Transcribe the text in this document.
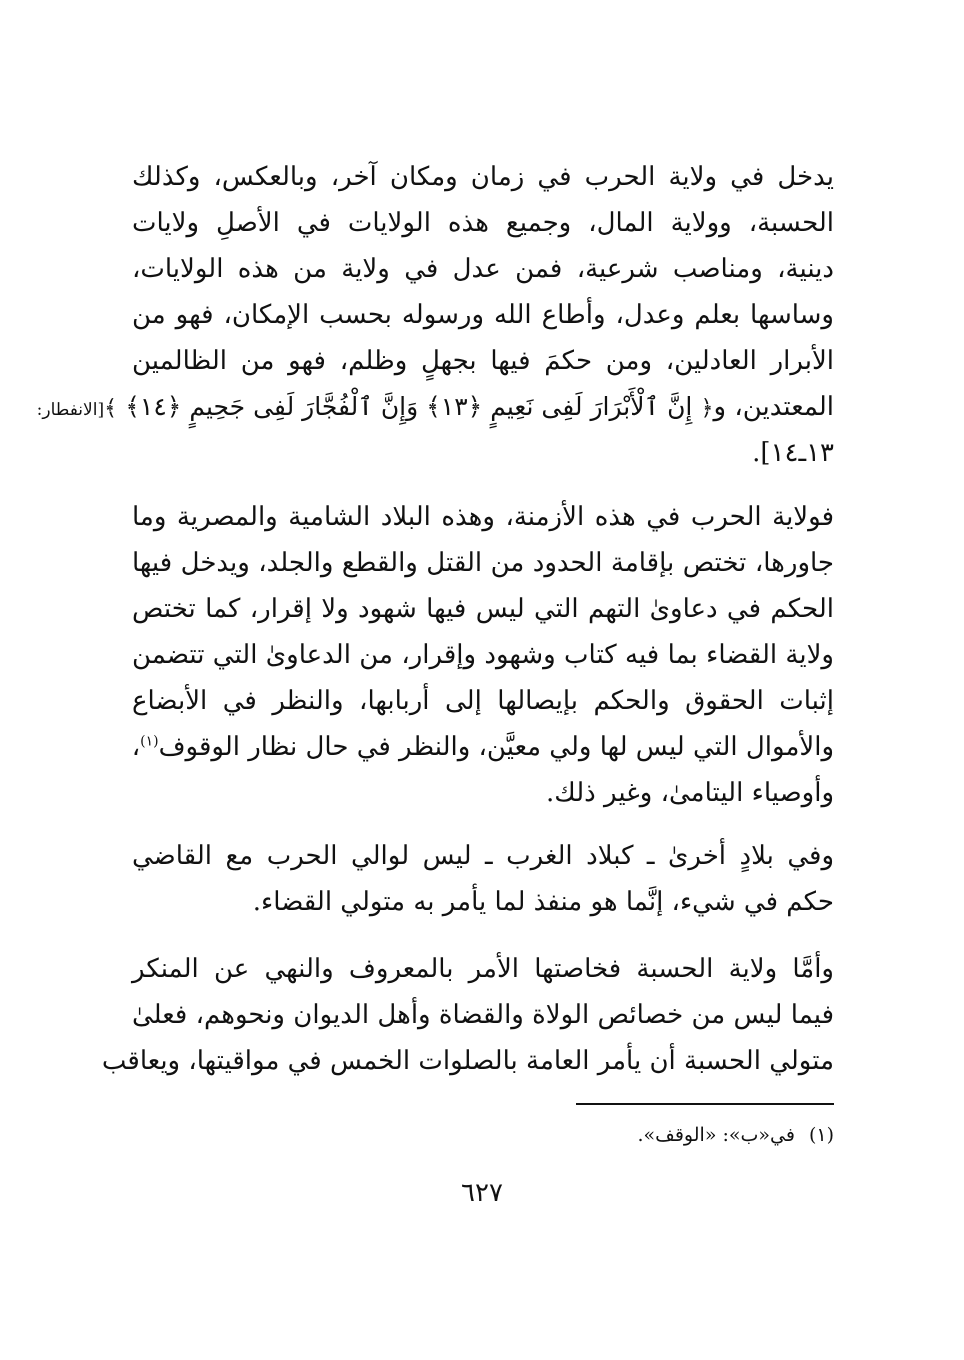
يدخل في ولاية الحرب في زمان ومكان آخر، وبالعكس، وكذلك
الحسبة، وولاية المال، وجميع هذه الولايات في الأصلِ ولايات
دينية، ومناصب شرعية، فمن عدل في ولاية من هذه الولايات،
وساسها بعلم وعدل، وأطاع الله ورسوله بحسب الإمكان، فهو من
الأبرار العادلين، ومن حكمَ فيها بجهلٍ وظلم، فهو من الظالمين
المعتدين، و﴿ إِنَّ ٱلْأَبْرَارَ لَفِى نَعِيمٍ ﴿١٣﴾ وَإِنَّ ٱلْفُجَّارَ لَفِى جَحِيمٍ ﴿١٤﴾ ﴾[الانفطار:
١٣ـ١٤].
فولاية الحرب في هذه الأزمنة، وهذه البلاد الشامية والمصرية وما
جاورها، تختص بإقامة الحدود من القتل والقطع والجلد، ويدخل فيها
الحكم في دعاوىٰ التهم التي ليس فيها شهود ولا إقرار، كما تختص
ولاية القضاء بما فيه كتاب وشهود وإقرار، من الدعاوىٰ التي تتضمن
إثبات الحقوق والحكم بإيصالها إلى أربابها، والنظر في الأبضاع
والأموال التي ليس لها ولي معيَّن، والنظر في حال نظار الوقوف$^{(١)}$،
وأوصياء اليتامىٰ، وغير ذلك.
وفي بلادٍ أخرىٰ ـ كبلاد الغرب ـ ليس لوالي الحرب مع القاضي
حكم في شيء، إنَّما هو منفذ لما يأمر به متولي القضاء.
وأمَّا ولاية الحسبة فخاصتها الأمر بالمعروف والنهي عن المنكر
فيما ليس من خصائص الولاة والقضاة وأهل الديوان ونحوهم، فعلىٰ
متولي الحسبة أن يأمر العامة بالصلوات الخمس في مواقيتها، ويعاقب
(١)في«ب»: «الوقف».
٦٢٧
